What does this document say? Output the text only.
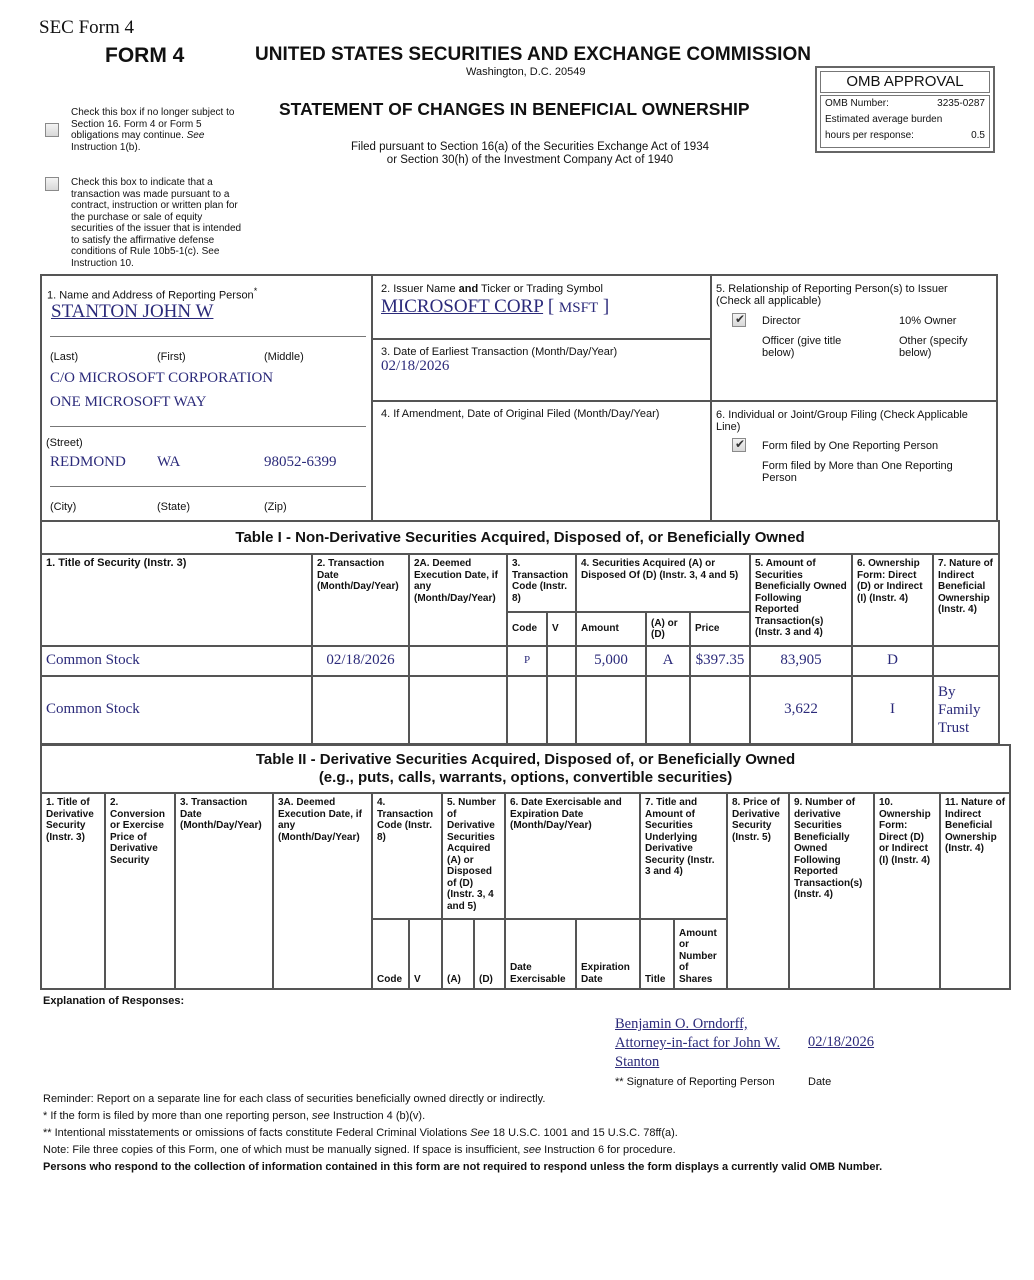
SEC Form 4
FORM 4	UNITED STATES SECURITIES AND EXCHANGE COMMISSION
Washington, D.C. 20549
STATEMENT OF CHANGES IN BENEFICIAL OWNERSHIP
Filed pursuant to Section 16(a) of the Securities Exchange Act of 1934
or Section 30(h) of the Investment Company Act of 1940
Check this box if no longer subject to Section 16. Form 4 or Form 5 obligations may continue. See Instruction 1(b).
Check this box to indicate that a transaction was made pursuant to a contract, instruction or written plan for the purchase or sale of equity securities of the issuer that is intended to satisfy the affirmative defense conditions of Rule 10b5-1(c). See Instruction 10.
OMB APPROVAL
OMB Number:	3235-0287
Estimated average burden
hours per response:	0.5
1. Name and Address of Reporting Person*
STANTON JOHN W
(Last)	(First)	(Middle)
C/O MICROSOFT CORPORATION
ONE MICROSOFT WAY
(Street)
REDMOND WA	98052-6399
(City)	(State)	(Zip)
2. Issuer Name and Ticker or Trading Symbol
MICROSOFT CORP [ MSFT ]
3. Date of Earliest Transaction (Month/Day/Year)
02/18/2026
4. If Amendment, Date of Original Filed (Month/Day/Year)
5. Relationship of Reporting Person(s) to Issuer
(Check all applicable)
✔
Director	10% Owner
Officer (give title below)
Other (specify below)
6. Individual or Joint/Group Filing (Check Applicable Line)
✔
Form filed by One Reporting Person
Form filed by More than One Reporting Person
Table I - Non-Derivative Securities Acquired, Disposed of, or Beneficially Owned										
1. Title of Security (Instr. 3)	2. Transaction Date (Month/Day/Year)	2A. Deemed Execution Date, if any (Month/Day/Year)	3. Transaction Code (Instr. 8)		4. Securities Acquired (A) or Disposed Of (D) (Instr. 3, 4 and 5)			5. Amount of Securities Beneficially Owned Following Reported Transaction(s) (Instr. 3 and 4)	6. Ownership Form: Direct (D) or Indirect (I) (Instr. 4)	7. Nature of Indirect Beneficial Ownership (Instr. 4)
			Code	V	Amount	(A) or (D)	Price			
Common Stock	02/18/2026		P		5,000	A	$397.35	83,905	D	
Common Stock								3,622	I	By Family Trust
Table II - Derivative Securities Acquired, Disposed of, or Beneficially Owned
(e.g., puts, calls, warrants, options, convertible securities)															

1. Title of Derivative Security (Instr. 3)	2. Conversion or Exercise Price of Derivative Security	3. Transaction Date (Month/Day/Year)	3A. Deemed Execution Date, if any (Month/Day/Year)	4. Transaction Code (Instr. 8)		5. Number of Derivative Securities Acquired (A) or Disposed of (D) (Instr. 3, 4 and 5)		6. Date Exercisable and Expiration Date (Month/Day/Year)		7. Title and Amount of Securities Underlying Derivative Security (Instr. 3 and 4)		8. Price of Derivative Security (Instr. 5)	9. Number of derivative Securities Beneficially Owned Following Reported Transaction(s) (Instr. 4)	10. Ownership Form: Direct (D) or Indirect (I) (Instr. 4)	11. Nature of Indirect Beneficial Ownership (Instr. 4)
				Code	V	(A)	(D)	Date Exercisable	Expiration Date	Title	Amount or Number of Shares				
Explanation of Responses:
Benjamin O. Orndorff, Attorney-in-fact for John W. Stanton
02/18/2026
** Signature of Reporting Person	Date
Reminder: Report on a separate line for each class of securities beneficially owned directly or indirectly.
* If the form is filed by more than one reporting person, see Instruction 4 (b)(v).
** Intentional misstatements or omissions of facts constitute Federal Criminal Violations See 18 U.S.C. 1001 and 15 U.S.C. 78ff(a).
Note: File three copies of this Form, one of which must be manually signed. If space is insufficient, see Instruction 6 for procedure.
Persons who respond to the collection of information contained in this form are not required to respond unless the form displays a currently valid OMB Number.
